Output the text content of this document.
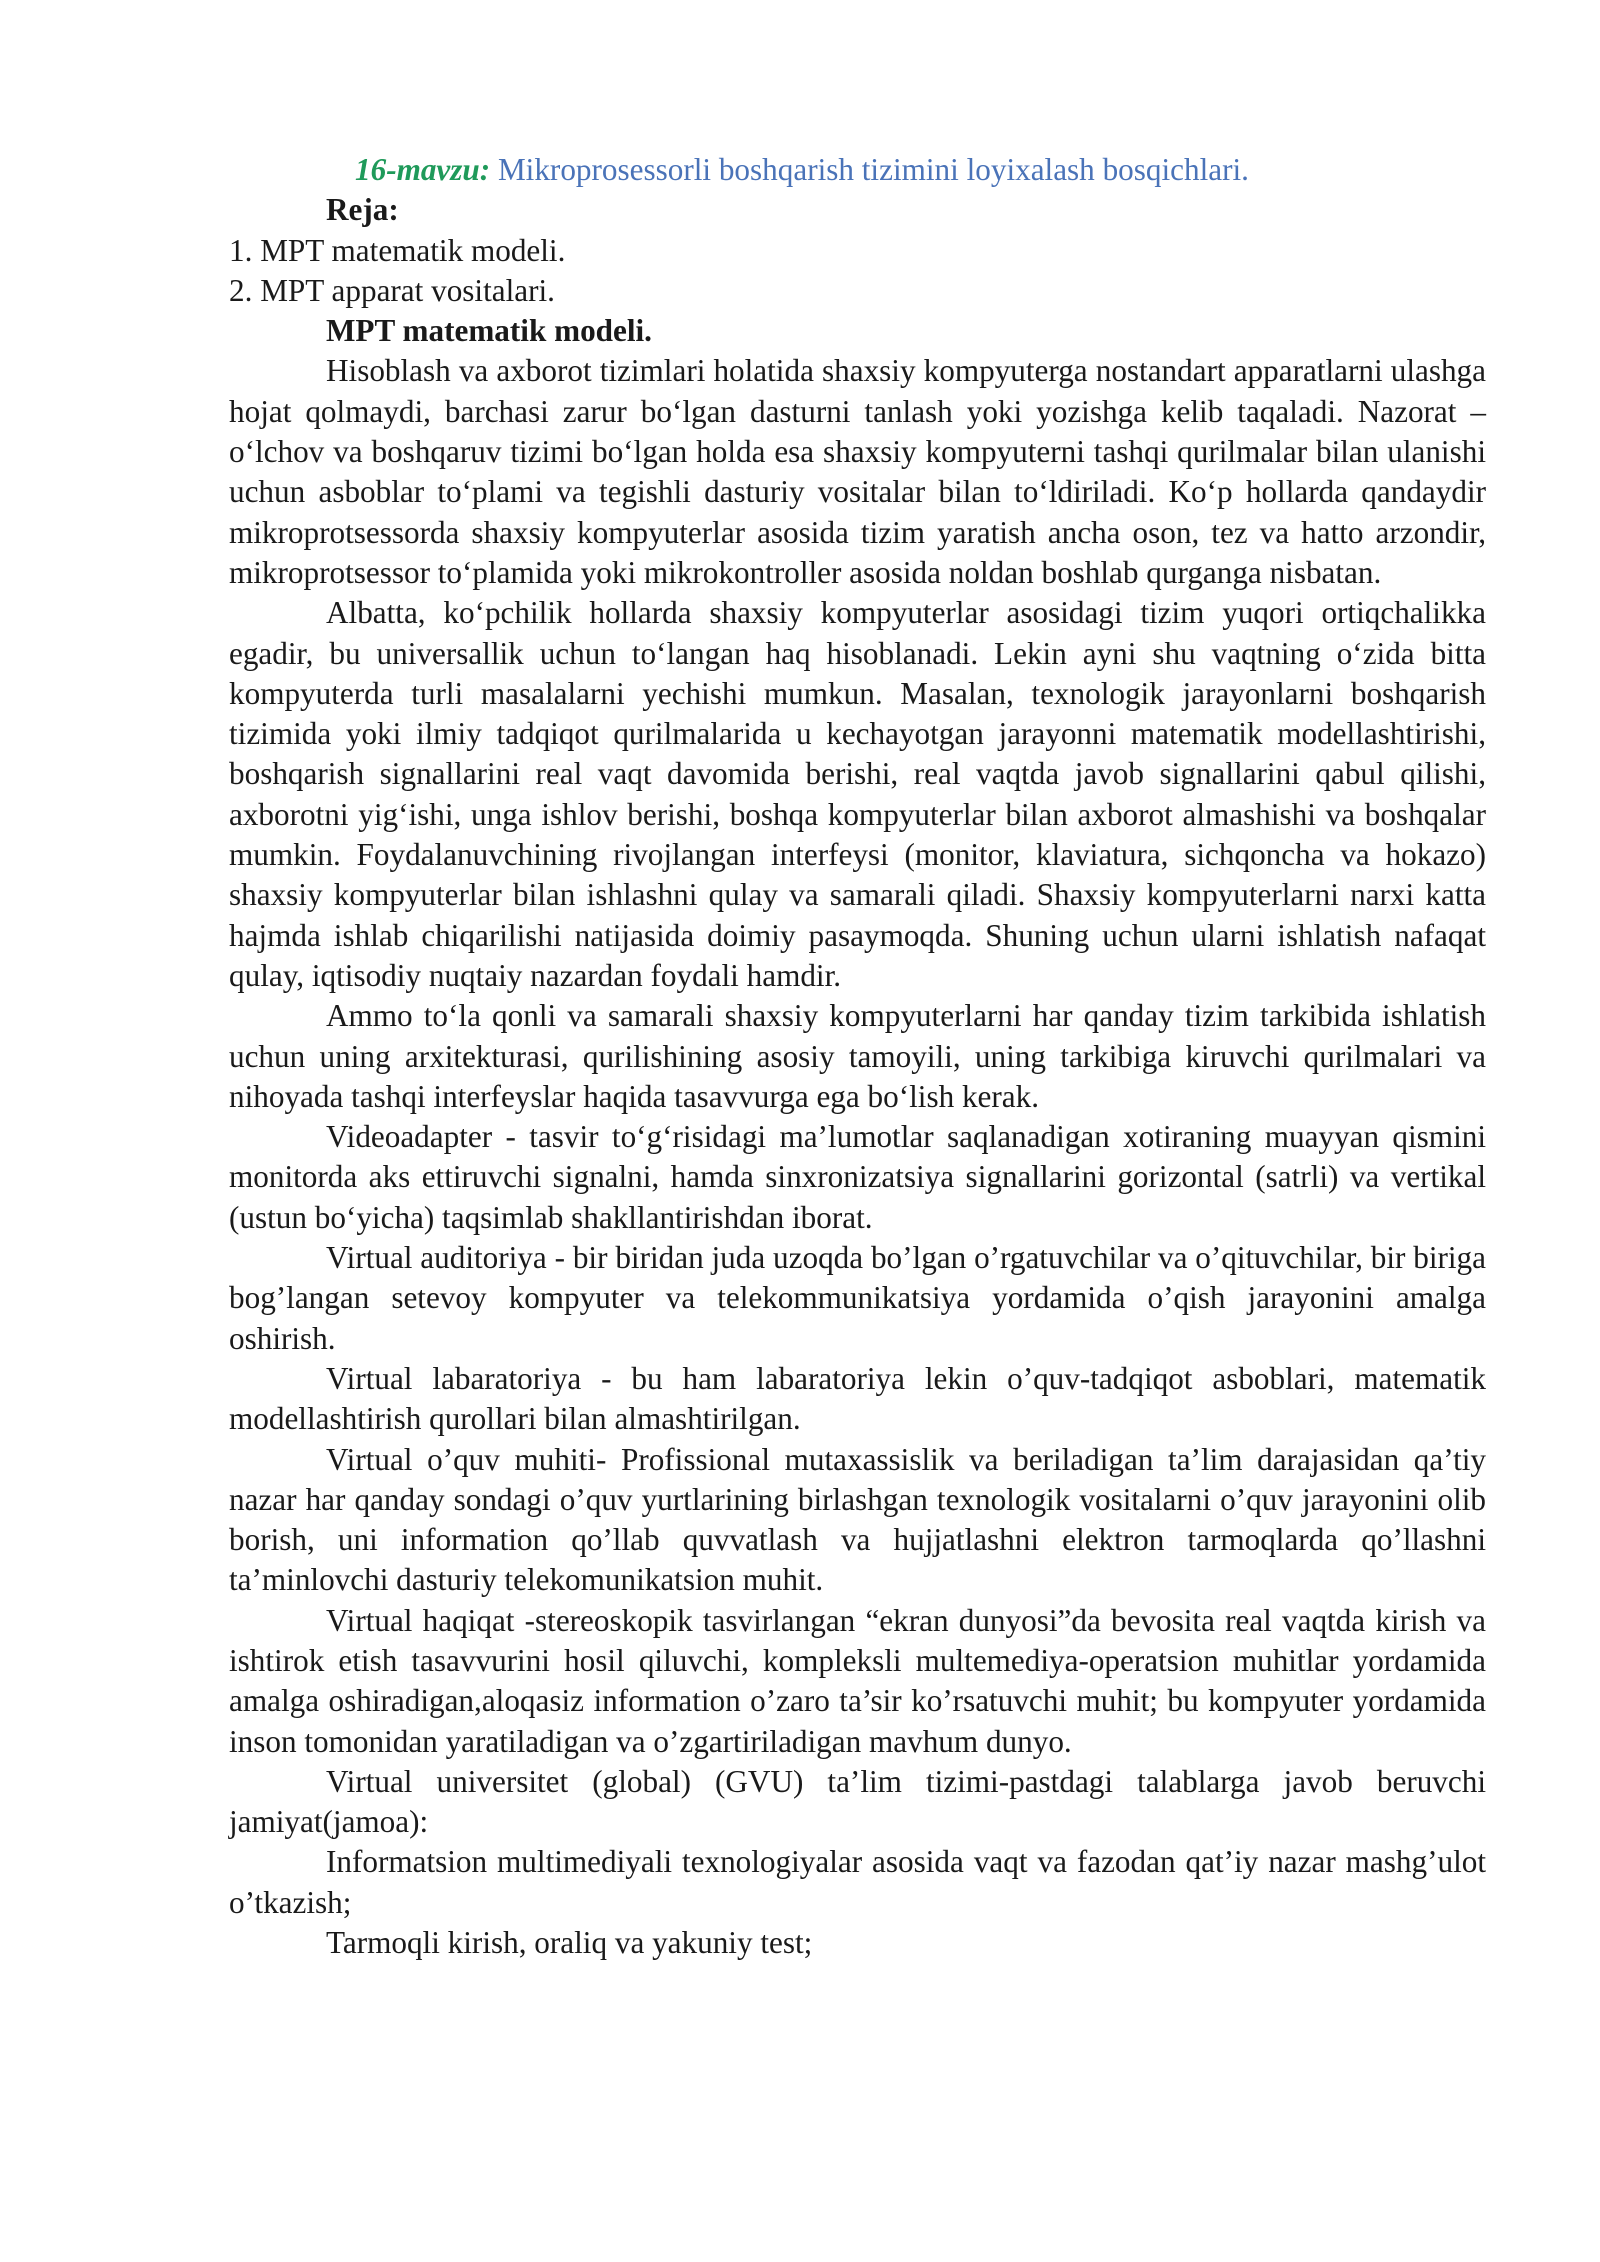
16-mavzu: Mikroprosessorli boshqarish tizimini loyixalash bosqichlari.
Reja:
1. MPT matematik modeli.
2. MPT apparat vositalari.
MPT matematik modeli.

Hisoblash va axborot tizimlari holatida shaxsiy kompyuterga nostandart apparatlarni ulashga hojat qolmaydi, barchasi zarur boʻlgan dasturni tanlash yoki yozishga kelib taqaladi. Nazorat – oʻlchov va boshqaruv tizimi boʻlgan holda esa shaxsiy kompyuterni tashqi qurilmalar bilan ulanishi uchun asboblar toʻplami va tegishli dasturiy vositalar bilan toʻldiriladi. Koʻp hollarda qandaydir mikroprotsessorda shaxsiy kompyuterlar asosida tizim yaratish ancha oson, tez va hatto arzondir, mikroprotsessor toʻplamida yoki mikrokontroller asosida noldan boshlab qurganga nisbatan.

Albatta, koʻpchilik hollarda shaxsiy kompyuterlar asosidagi tizim yuqori ortiqchalikka egadir, bu universallik uchun toʻlangan haq hisoblanadi. Lekin ayni shu vaqtning oʻzida bitta kompyuterda turli masalalarni yechishi mumkun. Masalan, texnologik jarayonlarni boshqarish tizimida yoki ilmiy tadqiqot qurilmalarida u kechayotgan jarayonni matematik modellashtirishi, boshqarish signallarini real vaqt davomida berishi, real vaqtda javob signallarini qabul qilishi, axborotni yigʻishi, unga ishlov berishi, boshqa kompyuterlar bilan axborot almashishi va boshqalar mumkin. Foydalanuvchining rivojlangan interfeysi (monitor, klaviatura, sichqoncha va hokazo) shaxsiy kompyuterlar bilan ishlashni qulay va samarali qiladi. Shaxsiy kompyuterlarni narxi katta hajmda ishlab chiqarilishi natijasida doimiy pasaymoqda. Shuning uchun ularni ishlatish nafaqat qulay, iqtisodiy nuqtaiy nazardan foydali hamdir.

Ammo toʻla qonli va samarali shaxsiy kompyuterlarni har qanday tizim tarkibida ishlatish uchun uning arxitekturasi, qurilishining asosiy tamoyili, uning tarkibiga kiruvchi qurilmalari va nihoyada tashqi interfeyslar haqida tasavvurga ega boʻlish kerak.

Videoadapter - tasvir toʻgʻrisidagi maʼlumotlar saqlanadigan xotiraning muayyan qismini monitorda aks ettiruvchi signalni, hamda sinxronizatsiya signallarini gorizontal (satrli) va vertikal (ustun boʻyicha) taqsimlab shakllantirishdan iborat.

Virtual auditoriya - bir biridan juda uzoqda bo’lgan o’rgatuvchilar va o’qituvchilar, bir biriga bog’langan setevoy kompyuter va telekommunikatsiya yordamida o’qish jarayonini amalga oshirish.

Virtual labaratoriya - bu ham labaratoriya lekin o’quv-tadqiqot asboblari, matematik modellashtirish qurollari bilan almashtirilgan.

Virtual o’quv muhiti- Profissional mutaxassislik va beriladigan ta’lim darajasidan qa’tiy nazar har qanday sondagi o’quv yurtlarining birlashgan texnologik vositalarni o’quv jarayonini olib borish, uni information qo’llab quvvatlash va hujjatlashni elektron tarmoqlarda qo’llashni ta’minlovchi dasturiy telekomunikatsion muhit.

Virtual haqiqat -stereoskopik tasvirlangan “ekran dunyosi”da bevosita real vaqtda kirish va ishtirok etish tasavvurini hosil qiluvchi, kompleksli multemediya-operatsion muhitlar yordamida amalga oshiradigan,aloqasiz information o’zaro ta’sir ko’rsatuvchi muhit; bu kompyuter yordamida inson tomonidan yaratiladigan va o’zgartiriladigan mavhum dunyo.

Virtual universitet (global) (GVU) ta’lim tizimi-pastdagi talablarga javob beruvchi jamiyat(jamoa):

Informatsion multimediyali texnologiyalar asosida vaqt va fazodan qat’iy nazar mashg’ulot o’tkazish;

Tarmoqli kirish, oraliq va yakuniy test;
